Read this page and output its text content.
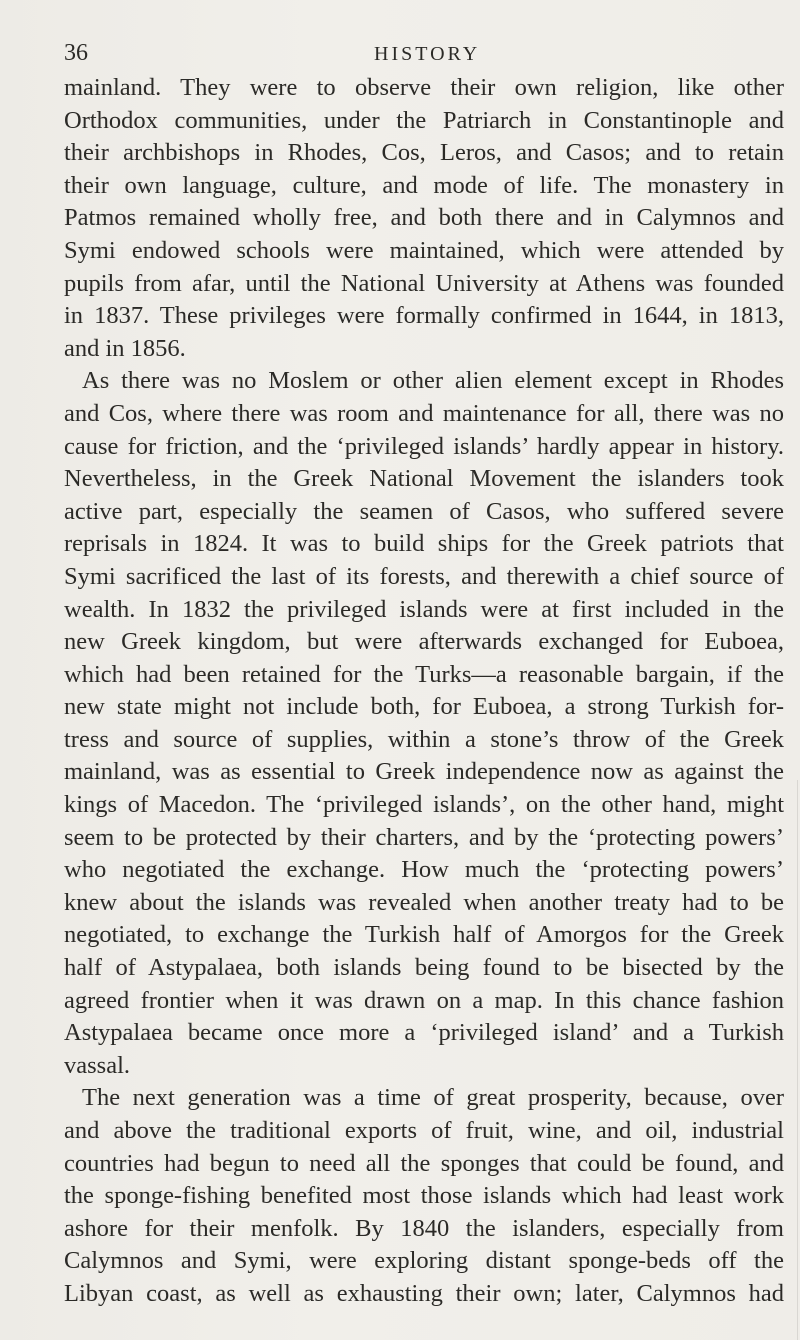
36	HISTORY
mainland. They were to observe their own religion, like other
Orthodox communities, under the Patriarch in Constantinople and
their archbishops in Rhodes, Cos, Leros, and Casos; and to retain
their own language, culture, and mode of life. The monastery in
Patmos remained wholly free, and both there and in Calymnos and
Symi endowed schools were maintained, which were attended by
pupils from afar, until the National University at Athens was founded
in 1837. These privileges were formally confirmed in 1644, in 1813,
and in 1856.
As there was no Moslem or other alien element except in Rhodes
and Cos, where there was room and maintenance for all, there was no
cause for friction, and the ‘privileged islands’ hardly appear in history.
Nevertheless, in the Greek National Movement the islanders took
active part, especially the seamen of Casos, who suffered severe
reprisals in 1824. It was to build ships for the Greek patriots that
Symi sacrificed the last of its forests, and therewith a chief source of
wealth. In 1832 the privileged islands were at first included in the
new Greek kingdom, but were afterwards exchanged for Euboea,
which had been retained for the Turks—a reasonable bargain, if the
new state might not include both, for Euboea, a strong Turkish for-
tress and source of supplies, within a stone’s throw of the Greek
mainland, was as essential to Greek independence now as against the
kings of Macedon. The ‘privileged islands’, on the other hand, might
seem to be protected by their charters, and by the ‘protecting powers’
who negotiated the exchange. How much the ‘protecting powers’
knew about the islands was revealed when another treaty had to be
negotiated, to exchange the Turkish half of Amorgos for the Greek
half of Astypalaea, both islands being found to be bisected by the
agreed frontier when it was drawn on a map. In this chance fashion
Astypalaea became once more a ‘privileged island’ and a Turkish
vassal.
The next generation was a time of great prosperity, because, over
and above the traditional exports of fruit, wine, and oil, industrial
countries had begun to need all the sponges that could be found, and
the sponge-fishing benefited most those islands which had least work
ashore for their menfolk. By 1840 the islanders, especially from
Calymnos and Symi, were exploring distant sponge-beds off the
Libyan coast, as well as exhausting their own; later, Calymnos had
